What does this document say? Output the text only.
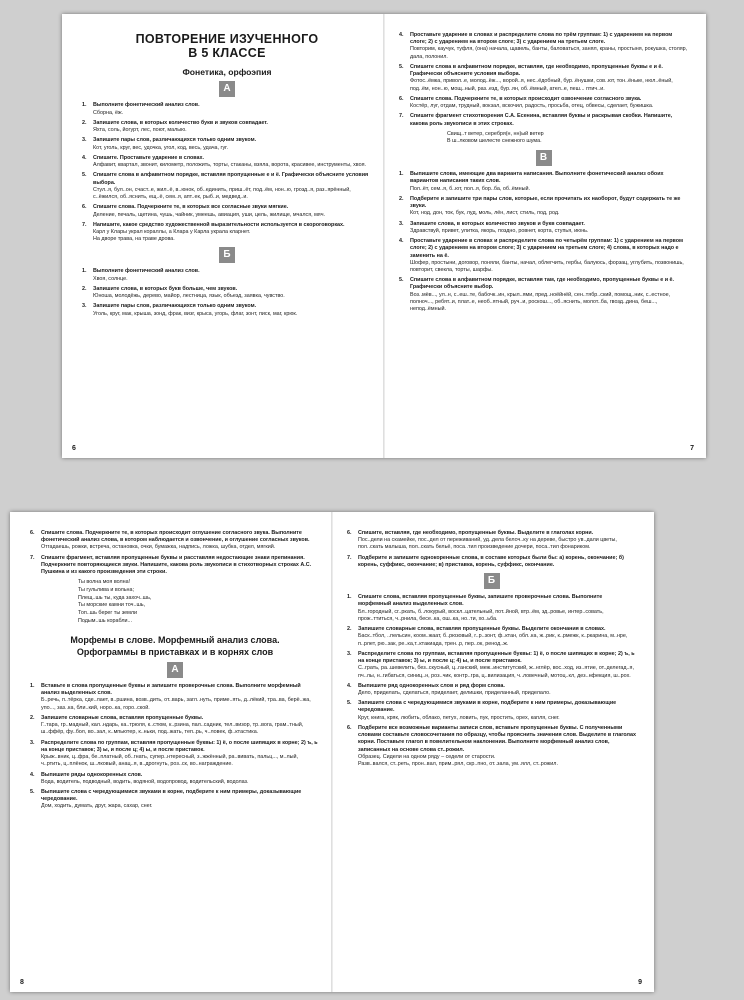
ПОВТОРЕНИЕ ИЗУЧЕННОГО
В 5 КЛАССЕ
Фонетика, орфоэпия
А
1.	Выполните фонетический анализ слов.
Сборна, ёж.
2.	Запишите слова, в которых количество букв и звуков совпадает.
Яхта, соль, йогурт, лес, поют, малыю.
3.	Запишите пары слов, различающихся только одним звуком.
Кот, уголь, круг, вес, удочка, угол, код, весь, удача, гуг.
4.	Спишите. Проставьте ударение в словах.
Алфавит, квартал, звонит, километр, положить, торты, стаканы, взяла, ворота, красивее, инструменты, хвоя.
5.	Спишите слова в алфавитном порядке, вставляя пропущенные е и ё. Графически объясните условия выбора.
Стул..я, бул..он, счаст..е, жил..ё, в..юнок, об..единить, приш..ёт, под..ём, нон..ю, грозд..я, раз..ярённый, с..ёжился, об..яснить, ещ..ё, сем..я, апт..ек, рыб..и, медвед..и.
6.	Спишите слова. Подчеркните те, в которых все согласные звуки мягкие.
Деление, печаль, щетина, чушь, чайник, умеешь, авиация, уши, цель, жилище, мчался, мяч.
7.	Напишите, какое средство художественной выразительности используется в скороговорках.
Карл у Клары украл кораллы, а Клара у Карла украла кларнет.
На дворе трава, на траве дрова.
Б
1.	Выполните фонетический анализ слов.
Хвоя, солнце.
2.	Запишите слова, в которых букв больше, чем звуков.
Юноша, молодёжь, дерево, майор, лестница, язык, объезд, заявка, чувство.
3.	Запишите пары слов, различающихся только одним звуком.
Уголь, круг, мак, крыша, зонд, фрак, визг, крыса, угорь, флаг, зонт, писк, маг, крюк.
6
4.	Проставьте ударение в словах и распределите слова по трём группам: 1) с ударением на первом слоге; 2) с ударением на втором слоге; 3) с ударением на третьем слоге.
Повторим, каучук, туфля, (она) начала, щавель, банты, баловаться, занял, краны, простыня, рокушка, столяр, дала, полонил.
5.	Спишите слова в алфавитном порядке, вставляя, где необходимо, пропущенные буквы е и ё. Графически объясните условия выбора.
Фотос..ёмка, привол..е, молод..ёж..., ворой..я, нес..ёдобный, бур..ёнушки, сов..ют, тон..ёньке, нюл..ёный, под..ём, нон..ю, мощ..ный, раз..езд, бур..ян, об..ёмный, ател..е, пеш... птич..и.
6.	Спишите слова. Подчеркните те, в которых происходит озвончение согласного звука.
Костёр, луг, отдам, трудный, вокзал, вскочил, радость, просьба, отец, обвесы, сделает, бужишка.
7.	Спишите фрагмент стихотворения С.А. Есенина, вставляя буквы и раскрывая скобки. Напишите, какова роль звукописи в этих строках.
Свищ..т ветер, серебря(н, нн)ый ветер
В ш..лковом шелесте снежного шума.
В
1.	Выпишите слова, имеющие два варианта написания. Выполните фонетический анализ обоих вариантов написания таких слов.
Пол..ёт, сем..я, б..ют, пол..я, бор..ба, об..ёмный.
2.	Подберите и запишите три пары слов, которые, если прочитать их наоборот, будут содержать те же звуки.
Кот, нод, дон, ток, бук, луд, моль, лён, лист, стиль, под, род.
3.	Запишите слова, в которых количество звуков и букв совпадает.
Здравствуй, привет, улитка, якорь, поздно, ровнет, корта, ступья, июнь.
4.	Проставьте ударение в словах и распределите слова по четырём группам: 1) с ударением на первом слоге; 2) с ударением на втором слоге; 3) с ударением на третьем слоге; 4) слова, в которых надо е заменить на ё.
Шофер, простыни, договор, поняли, банты, начал, облегчить, гербы, балуюсь, форзац, углубить, позвонишь, повторит, свекла, торты, шарфы.
5.	Спишите слова в алфавитном порядке, вставляя там, где необходимо, пропущенные буквы е и ё. Графически объясните выбор.
Воз..мёв..., ул..н, с..еш..те, бабочк..ин, крыл..ями, пред..ноёйнёй, сен..тябр..ский, помощ..ник, с..естное, полноч..., ребят..и, плат..е, необ..ятный, руч..и, роскош..., об..яснить, молот..ба, гвозд..дина, беш..., непод..ёмный.
7
6.	Спишите слова. Подчеркните те, в которых происходит оглушение согласного звука. Выполните фонетический анализ слова, в котором наблюдается и озвончение, и оглушение согласных звуков.
Отгадаешь, рожки, встреча, остановка, очки, бумажка, надпись, ложка, шубка, отдел, мягкий.
7.	Спишите фрагмент, вставляя пропущенные буквы и расставляя недостающие знаки препинания. Подчеркните повторяющиеся звуки. Напишите, какова роль звукописи в стихотворных строках А.С. Пушкина и из какого произведения эти строки.
Ты волна моя волна!
Ты гульлива и вольна;
Плещ..шь ты, куда захоч..шь,
Ты морские камни точ..шь,
Топ..шь берег ты земли
Подым..шь корабли...
Морфемы в слове. Морфемный анализ слова.
Орфограммы в приставках и в корнях слов
А
1.	Вставьте в слова пропущенные буквы и запишите проверочные слова. Выполните морфемный анализ выделенных слов.
Б..речь, п..тёрка, сде..лает, в..ршина, возв..дить, от..варь, загл..нуть, приме..ять, д..лёкий, тра..ва, берё..жа, упо..., заз..ка, бли..кий, норо..ка, горо..ской.
2.	Запишите словарные слова, вставляя пропущенные буквы.
Г..тара, гр..мадный, кал..ндарь, ка..трюля, к..стюм, к..рзина, пал..садник, тел..визор, тр..вога, грам..тный, ш..ффёр, фу..бол, во..зал, к..мпьютер, к..ньки, под..жать, теп..рь, ч..ловек, ф..ктастика.
3.	Распределите слова по группам, вставляя пропущенные буквы: 1) ё, о после шипящих в корне; 2) ъ, ь на конце приставок; 3) ы, и после ц; 4) ы, и после приставок.
Крыж..вник, ц..фра, бе..платный, об..гнать, супер..нтересный, з..жжённый, ра..вивать, пальц..., м..лый, ч..ртить, ц..плёнок, ш..лковый, анац..я, в..дрогнуть, роз..ск, во..награждение.
4.	Выпишите ряды однокоренных слов.
Вода, водитель, подводный, водить, водяной, водопровод, водительский, водолаз.
5.	Выпишите слова с чередующимися звуками в корне, подберите к ним примеры, доказывающие чередование.
Дом, ходить, думать, друг, жара, сахар, снег.
8
6.	Спишите, вставляя, где необходимо, пропущенные буквы. Выделите в глаголах корни.
Пос..дели на скамейке, пос..дел от переживаний, уд..дела белоч..ку на дереве, быстро ув..дали цветы, пол..скать малыша, пол..скать бельё, поса..тил произведение дочери, поса..тил фонариком.
7.	Подберите и запишите однокоренные слова, в составе которых были бы: а) корень, окончание; б) корень, суффикс, окончание; в) приставка, корень, суффикс, окончание.
Б
1.	Спишите слова, вставляя пропущенные буквы, запишите проверочные слова. Выполните морфемный анализ выделенных слов.
Бл..городный, сг..ркать, б..локурый, воскл..цательный, пот..йной, втр..ём, зд..ровье, интер..совать, прож..ттиться, ч..рнила, бесе..ка, ош..ка, но..ти, хо..ьба.
2.	Запишите словарные слова, вставляя пропущенные буквы. Выделите окончания в словах.
Баск..тбол, ..пельсин, коом..жаат, б..рюзовый, г..р..зонт, ф..ктан, обл..ка, ж..рик, к..рмежк, к..ркарина, м..нре, п..рлет, рю..зак, ре..ка,т..ктакиада, трен..р, пер..ок, ренод..ж.
3.	Распределите слова по группам, вставляя пропущенные буквы: 1) ё, о после шипящих в корне; 2) ъ, ь на конце приставок; 3) ы, и после ц; 4) ы, и после приставок.
С..грать, ра..шевелить, без..скусный, ц..ганский, меж..институтский, ж..нглёр, вос..ход, из..ятие, от..делегад..я, пч..лы, н..гибаться, синиц..н, роз..чик, контр..гра, ц..вилизация, ч..ловечный, мотоц..кл, дез..нфекция, ш..рох.
4.	Выпишите ряд однокоренных слов и ряд форм слова.
Дело, приделать, сделаться, приделает, делишки, приделанный, приделало.
5.	Запишите слова с чередующимися звуками в корне, подберите к ним примеры, доказывающие чередование.
Круг, книга, кряк, любить, облако, петух, ловить, пук, простить, орех, капля, снег.
6.	Подберите все возможные варианты записи слов, вставьте пропущенные буквы. С полученными словами составьте словосочетания по образцу, чтобы прояснить значения слов. Выделите в глаголах корни. Поставьте глагол в повелительном наклонении. Выполните морфемный анализ слов, записанных на основе слова ст..рожил.
Образец. Сидели на одном ряду – седели от старости.
Разв..вался, ст..реть, прон..вал, прим..рял, скр..пно, от..зала, ум..ялл, ст..рожил.
9
